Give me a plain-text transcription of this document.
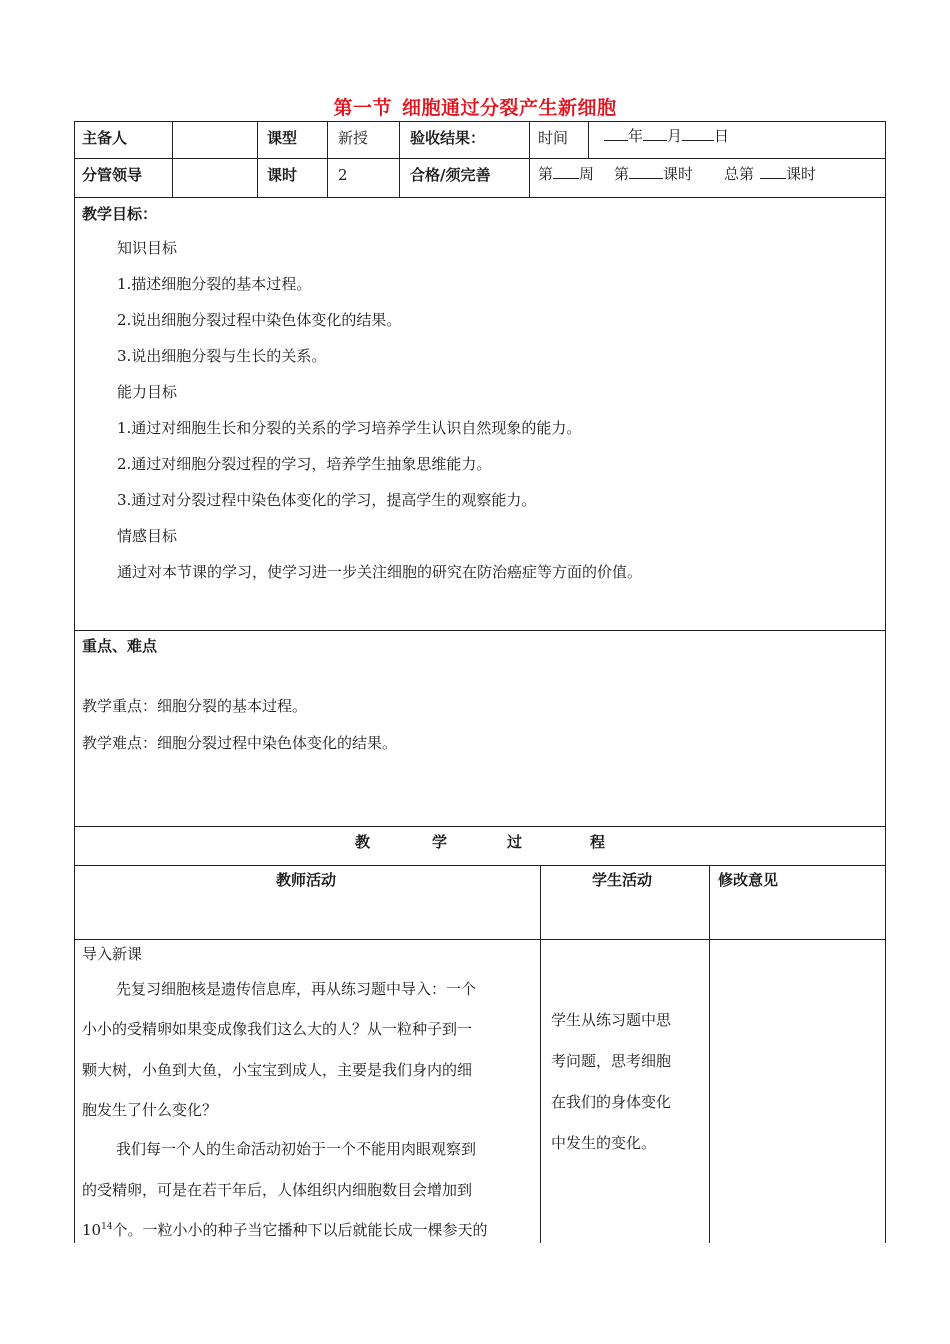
第一节 细胞通过分裂产生新细胞
主备人	课型	新授	验收结果：	时间	年 月 日
分管领导	课时	2	合格/须完善	第 周 第 课时 总第 课时
教学目标：
知识目标
1.描述细胞分裂的基本过程。
2.说出细胞分裂过程中染色体变化的结果。
3.说出细胞分裂与生长的关系。
能力目标
1.通过对细胞生长和分裂的关系的学习培养学生认识自然现象的能力。
2.通过对细胞分裂过程的学习，培养学生抽象思维能力。
3.通过对分裂过程中染色体变化的学习，提高学生的观察能力。
情感目标
通过对本节课的学习，使学习进一步关注细胞的研究在防治癌症等方面的价值。
重点、难点
教学重点：细胞分裂的基本过程。
教学难点：细胞分裂过程中染色体变化的结果。
教	学	过	程
教师活动	学生活动	修改意见
导入新课
先复习细胞核是遗传信息库，再从练习题中导入：一个
小小的受精卵如果变成像我们这么大的人？从一粒种子到一
颗大树，小鱼到大鱼，小宝宝到成人，主要是我们身内的细
胞发生了什么变化？
我们每一个人的生命活动初始于一个不能用肉眼观察到
的受精卵，可是在若干年后，人体组织内细胞数目会增加到
$10^{14}$个。一粒小小的种子当它播种下以后就能长成一棵参天的
学生从练习题中思
考问题，思考细胞
在我们的身体变化
中发生的变化。
